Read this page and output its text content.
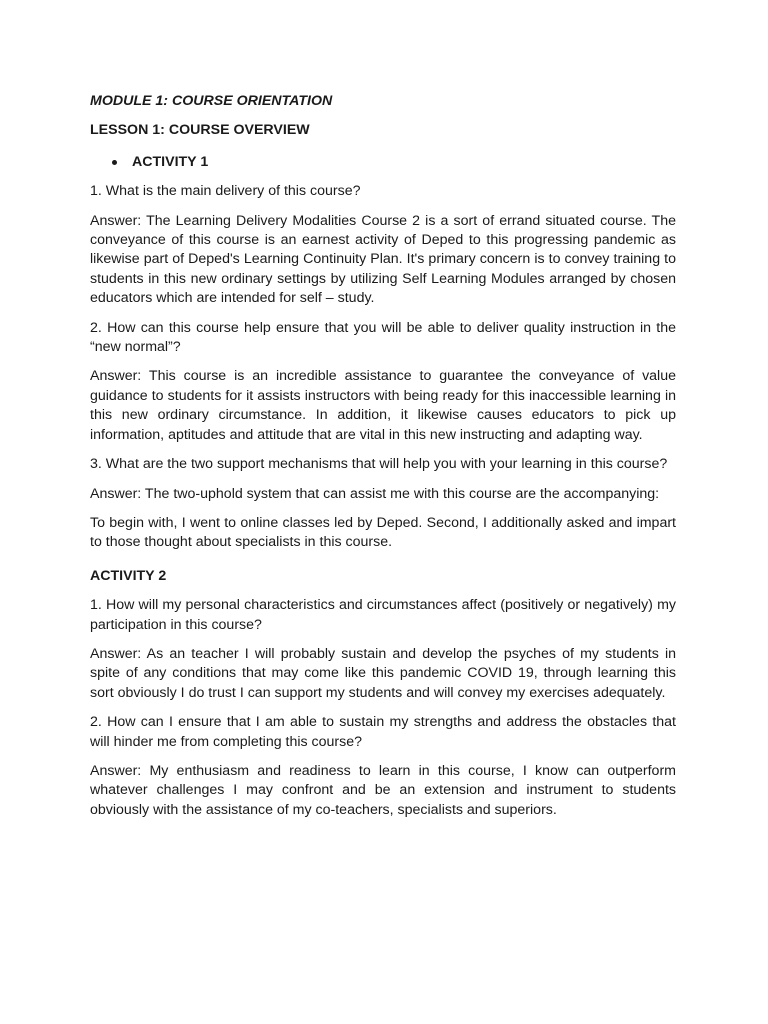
MODULE 1: COURSE ORIENTATION
LESSON 1: COURSE OVERVIEW
ACTIVITY 1

1. What is the main delivery of this course?

Answer: The Learning Delivery Modalities Course 2 is a sort of errand situated course. The conveyance of this course is an earnest activity of Deped to this progressing pandemic as likewise part of Deped's Learning Continuity Plan. It's primary concern is to convey training to students in this new ordinary settings by utilizing Self Learning Modules arranged by chosen educators which are intended for self – study.

2. How can this course help ensure that you will be able to deliver quality instruction in the “new normal”?

Answer: This course is an incredible assistance to guarantee the conveyance of value guidance to students for it assists instructors with being ready for this inaccessible learning in this new ordinary circumstance. In addition, it likewise causes educators to pick up information, aptitudes and attitude that are vital in this new instructing and adapting way.

3. What are the two support mechanisms that will help you with your learning in this course?

Answer: The two-uphold system that can assist me with this course are the accompanying:

To begin with, I went to online classes led by Deped. Second, I additionally asked and impart to those thought about specialists in this course.

ACTIVITY 2

1. How will my personal characteristics and circumstances affect (positively or negatively) my participation in this course?

Answer: As an teacher I will probably sustain and develop the psyches of my students in spite of any conditions that may come like this pandemic COVID 19, through learning this sort obviously I do trust I can support my students and will convey my exercises adequately.

2. How can I ensure that I am able to sustain my strengths and address the obstacles that will hinder me from completing this course?

Answer: My enthusiasm and readiness to learn in this course, I know can outperform whatever challenges I may confront and be an extension and instrument to students obviously with the assistance of my co-teachers, specialists and superiors.
